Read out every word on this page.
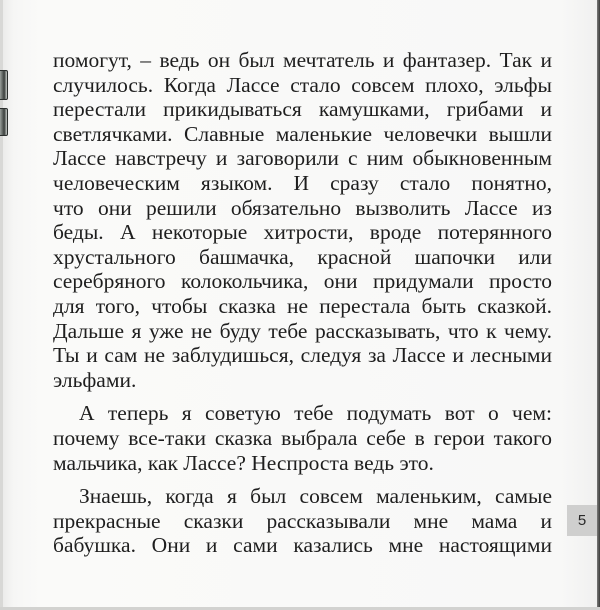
помогут, – ведь он был мечтатель и фантазер. Так и
случилось. Когда Лассе стало совсем плохо, эльфы
перестали прикидываться камушками, грибами и
светлячками. Славные маленькие человечки вышли
Лассе навстречу и заговорили с ним обыкновенным
человеческим языком. И сразу стало понятно,
что они решили обязательно вызволить Лассе из
беды. А некоторые хитрости, вроде потерянного
хрустального башмачка, красной шапочки или
серебряного колокольчика, они придумали просто
для того, чтобы сказка не перестала быть сказкой.
Дальше я уже не буду тебе рассказывать, что к чему.
Ты и сам не заблудишься, следуя за Лассе и лесными
эльфами.
А теперь я советую тебе подумать вот о чем:
почему все-таки сказка выбрала себе в герои такого
мальчика, как Лассе? Неспроста ведь это.
Знаешь, когда я был совсем маленьким, самые
прекрасные сказки рассказывали мне мама и
бабушка. Они и сами казались мне настоящими
5
